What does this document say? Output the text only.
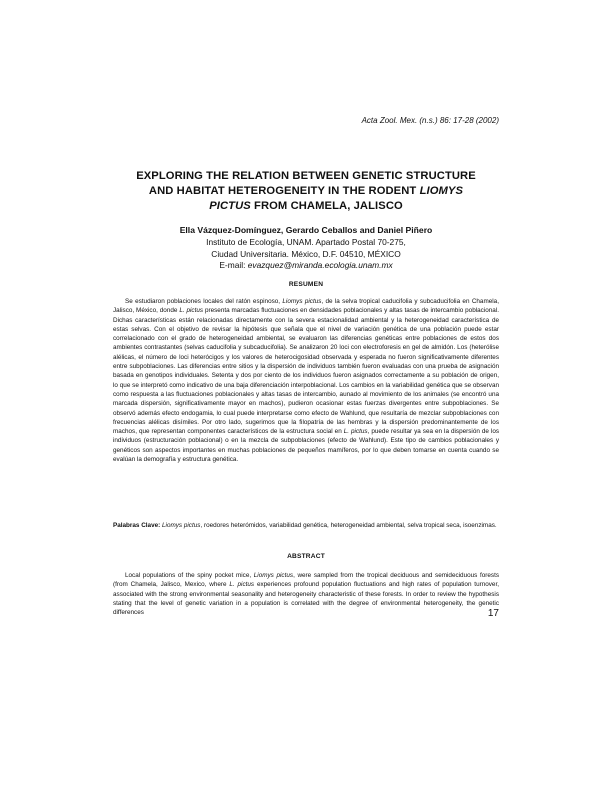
Acta Zool. Mex. (n.s.) 86: 17-28 (2002)
EXPLORING THE RELATION BETWEEN GENETIC STRUCTURE
AND HABITAT HETEROGENEITY IN THE RODENT LIOMYS
PICTUS FROM CHAMELA, JALISCO
Ella Vázquez-Domínguez, Gerardo Ceballos and Daniel Piñero
Instituto de Ecología, UNAM. Apartado Postal 70-275,
Ciudad Universitaria. México, D.F. 04510, MÉXICO
E-mail: evazquez@miranda.ecologia.unam.mx
RESUMEN
Se estudiaron poblaciones locales del ratón espinoso, Liomys pictus, de la selva tropical caducifolia y subcaducifolia en Chamela, Jalisco, México, donde L. pictus presenta marcadas fluctuaciones en densidades poblacionales y altas tasas de intercambio poblacional. Dichas características están relacionadas directamente con la severa estacionalidad ambiental y la heterogeneidad característica de estas selvas. Con el objetivo de revisar la hipótesis que señala que el nivel de variación genética de una población puede estar correlacionado con el grado de heterogeneidad ambiental, se evaluaron las diferencias genéticas entre poblaciones de estos dos ambientes contrastantes (selvas caducifolia y subcaducifolia). Se analizaron 20 loci con electroforesis en gel de almidón. Los (heterólise alélicas, el número de loci heterócigos y los valores de heterocigosidad observada y esperada no fueron significativamente diferentes entre subpoblaciones. Las diferencias entre sitios y la dispersión de individuos también fueron evaluadas con una prueba de asignación basada en genotipos individuales. Setenta y dos por ciento de los individuos fueron asignados correctamente a su población de origen, lo que se interpretó como indicativo de una baja diferenciación interpoblacional. Los cambios en la variabilidad genética que se observan como respuesta a las fluctuaciones poblacionales y altas tasas de intercambio, aunado al movimiento de los animales (se encontró una marcada dispersión, significativamente mayor en machos), pudieron ocasionar estas fuerzas divergentes entre subpoblaciones. Se observó además efecto endogamia, lo cual puede interpretarse como efecto de Wahlund, que resultaría de mezclar subpoblaciones con frecuencias alélicas disímiles. Por otro lado, sugerimos que la filopatría de las hembras y la dispersión predominantemente de los machos, que representan componentes característicos de la estructura social en L. pictus, puede resultar ya sea en la dispersión de los individuos (estructuración poblacional) o en la mezcla de subpoblaciones (efecto de Wahlund). Este tipo de cambios poblacionales y genéticos son aspectos importantes en muchas poblaciones de pequeños mamíferos, por lo que deben tomarse en cuenta cuando se evalúan la demografía y estructura genética.
Palabras Clave: Liomys pictus, roedores heterómidos, variabilidad genética, heterogeneidad ambiental, selva tropical seca, isoenzimas.
ABSTRACT
Local populations of the spiny pocket mice, Liomys pictus, were sampled from the tropical deciduous and semideciduous forests (from Chamela, Jalisco, Mexico, where L. pictus experiences profound population fluctuations and high rates of population turnover, associated with the strong environmental seasonality and heterogeneity characteristic of these forests. In order to review the hypothesis stating that the level of genetic variation in a population is correlated with the degree of environmental heterogeneity, the genetic differences	17
